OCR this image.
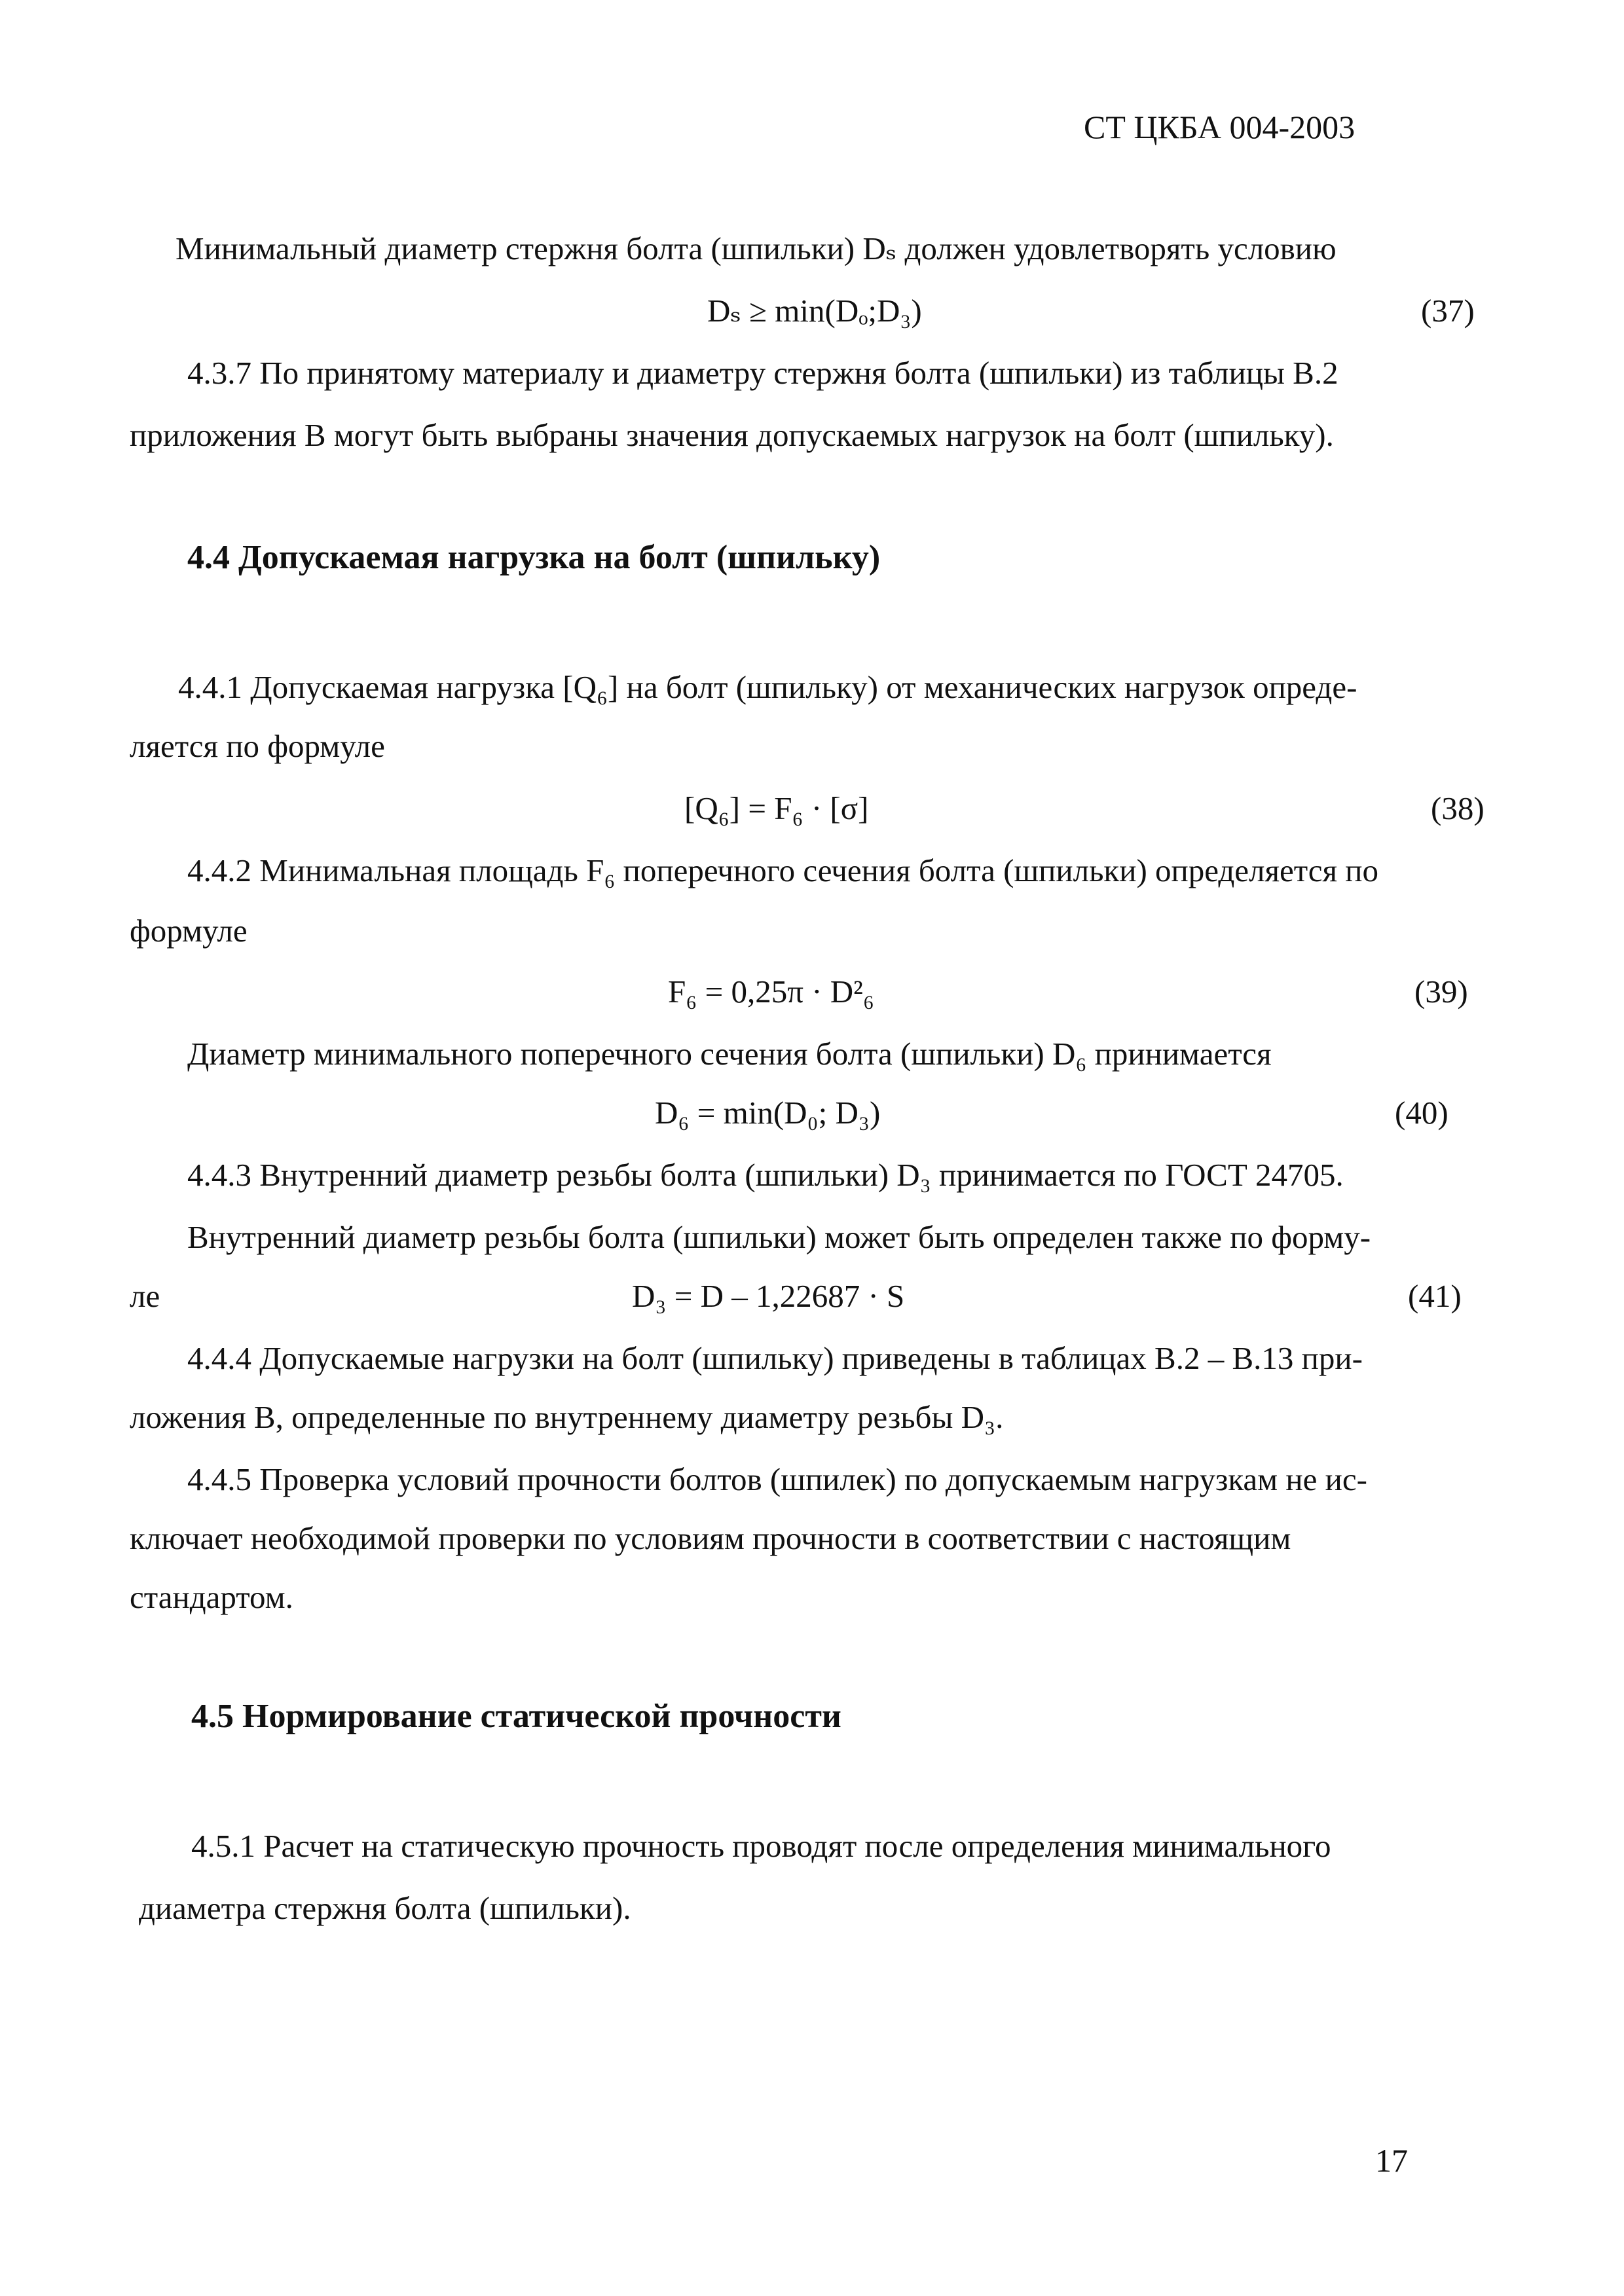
СТ ЦКБА 004-2003
Минимальный диаметр стержня болта (шпильки) Dₛ должен удовлетворять условию
Dₛ ≥ min(Dₒ;D₃)	(37)
4.3.7 По принятому материалу и диаметру стержня болта (шпильки) из таблицы В.2
приложения В могут быть выбраны значения допускаемых нагрузок на болт (шпильку).
4.4 Допускаемая нагрузка на болт (шпильку)
4.4.1 Допускаемая нагрузка [Q₆] на болт (шпильку) от механических нагрузок опреде-
ляется по формуле
[Q₆] = F₆ · [σ]	(38)
4.4.2 Минимальная площадь F₆ поперечного сечения болта (шпильки) определяется по
формуле
F₆ = 0,25π · D²₆	(39)
Диаметр минимального поперечного сечения болта (шпильки) D₆ принимается
D₆ = min(D₀; D₃)	(40)
4.4.3 Внутренний диаметр резьбы болта (шпильки) D₃ принимается по ГОСТ 24705.
Внутренний диаметр резьбы болта (шпильки) может быть определен также по форму-
ле	D₃ = D – 1,22687 · S	(41)
4.4.4 Допускаемые нагрузки на болт (шпильку) приведены в таблицах В.2 – В.13 при-
ложения В, определенные по внутреннему диаметру резьбы D₃.
4.4.5 Проверка условий прочности болтов (шпилек) по допускаемым нагрузкам не ис-
ключает необходимой проверки по условиям прочности в соответствии с настоящим
стандартом.
4.5 Нормирование статической прочности
4.5.1 Расчет на статическую прочность проводят после определения минимального
диаметра стержня болта (шпильки).
17
